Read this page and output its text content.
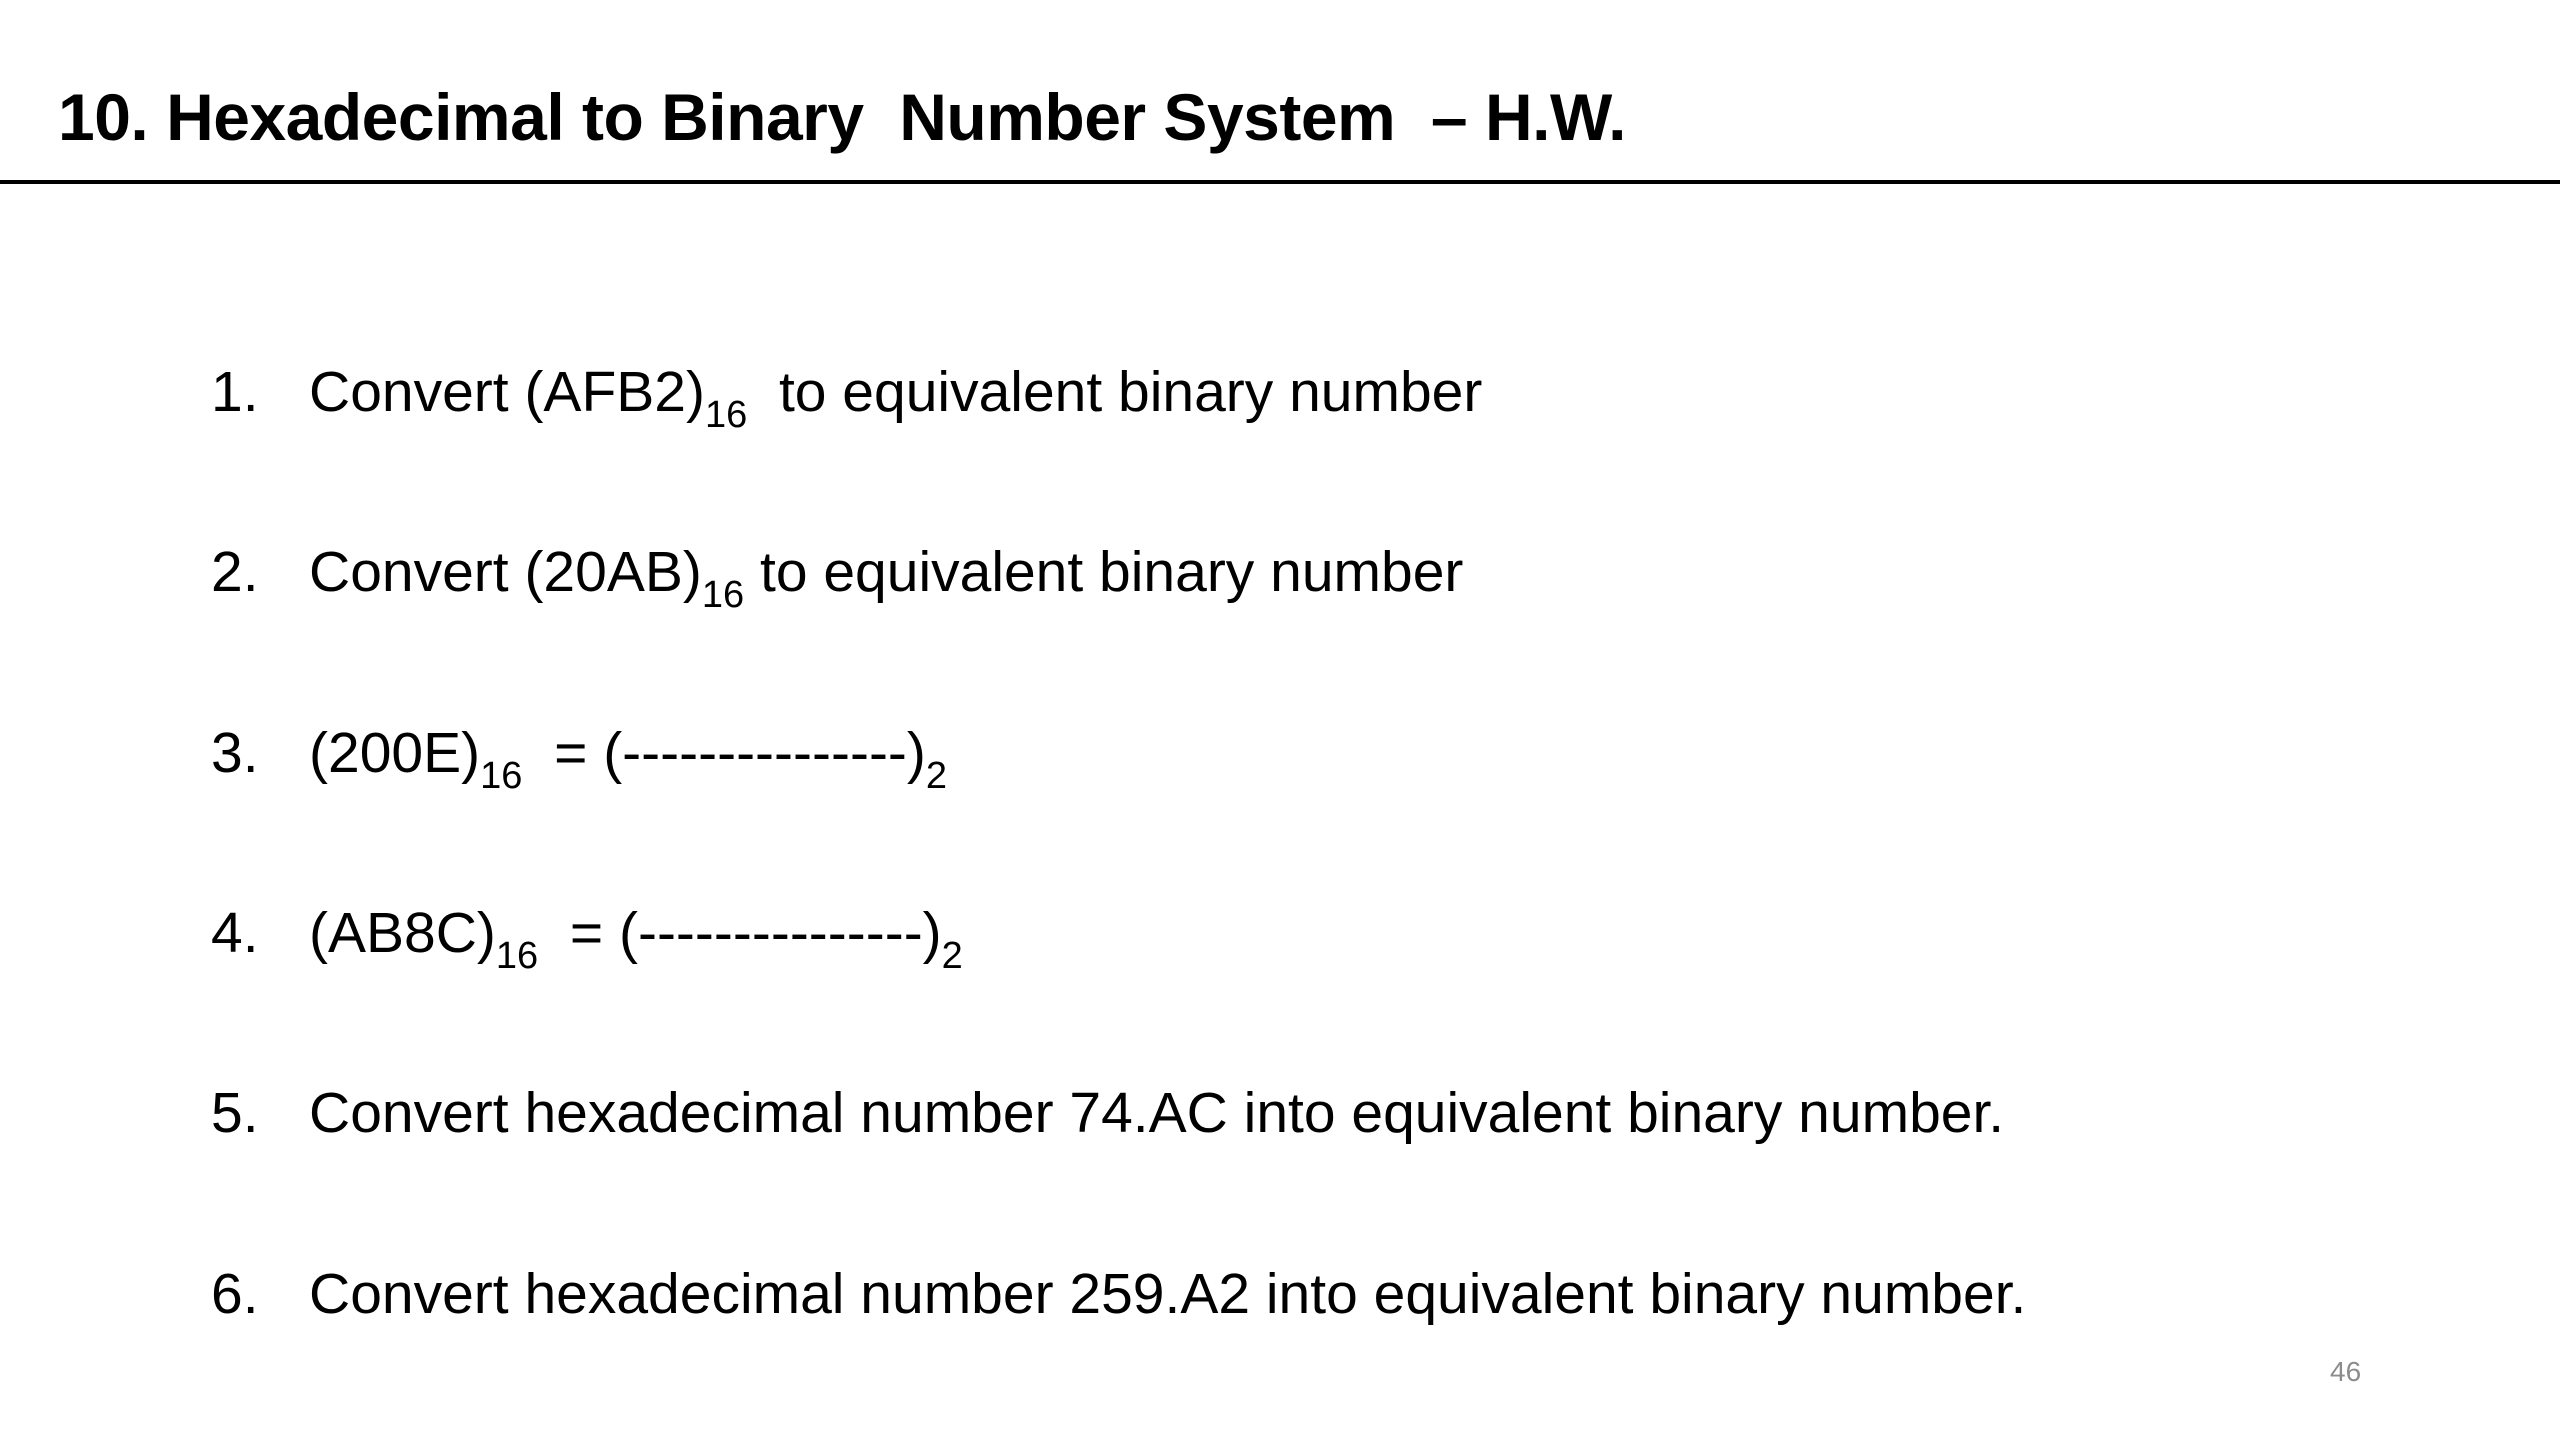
10. Hexadecimal to Binary  Number System  – H.W.

1. Convert $(AFB2)_{16}$  to equivalent binary number

2. Convert $(20AB)_{16}$ to equivalent binary number

3. $(200E)_{16} = (---------------)_2$

4. $(AB8C)_{16} = (---------------)_2$

5. Convert hexadecimal number 74.AC into equivalent binary number.

6. Convert hexadecimal number 259.A2 into equivalent binary number.

46
